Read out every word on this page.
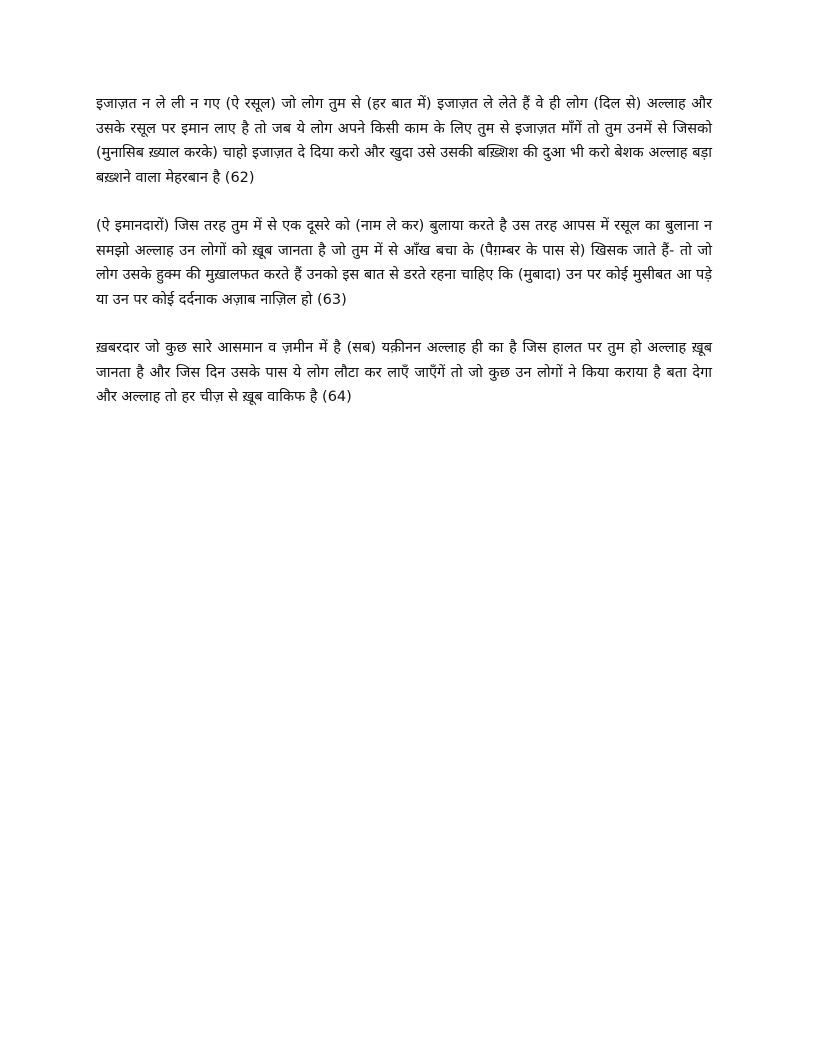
इजाज़त न ले ली न गए (ऐ रसूल) जो लोग तुम से (हर बात में) इजाज़त ले लेते हैं वे ही लोग (दिल से) अल्लाह और उसके रसूल पर इमान लाए है तो जब ये लोग अपने किसी काम के लिए तुम से इजाज़त माँगें तो तुम उनमें से जिसको (मुनासिब ख़्याल करके) चाहो इजाज़त दे दिया करो और खुदा उसे उसकी बख़्शिश की दुआ भी करो बेशक अल्लाह बड़ा बख़्शने वाला मेहरबान है (62)

(ऐ इमानदारों) जिस तरह तुम में से एक दूसरे को (नाम ले कर) बुलाया करते है उस तरह आपस में रसूल का बुलाना न समझो अल्लाह उन लोगों को ख़ूब जानता है जो तुम में से आँख बचा के (पैग़म्बर के पास से) खिसक जाते हैं- तो जो लोग उसके हुक्म की मुख़ालफत करते हैं उनको इस बात से डरते रहना चाहिए कि (मुबादा) उन पर कोई मुसीबत आ पड़े या उन पर कोई दर्दनाक अज़ाब नाज़िल हो (63)

ख़बरदार जो कुछ सारे आसमान व ज़मीन में है (सब) यक़ीनन अल्लाह ही का है जिस हालत पर तुम हो अल्लाह ख़ूब जानता है और जिस दिन उसके पास ये लोग लौटा कर लाएँ जाएँगें तो जो कुछ उन लोगों ने किया कराया है बता देगा और अल्लाह तो हर चीज़ से ख़ूब वाकिफ है (64)
